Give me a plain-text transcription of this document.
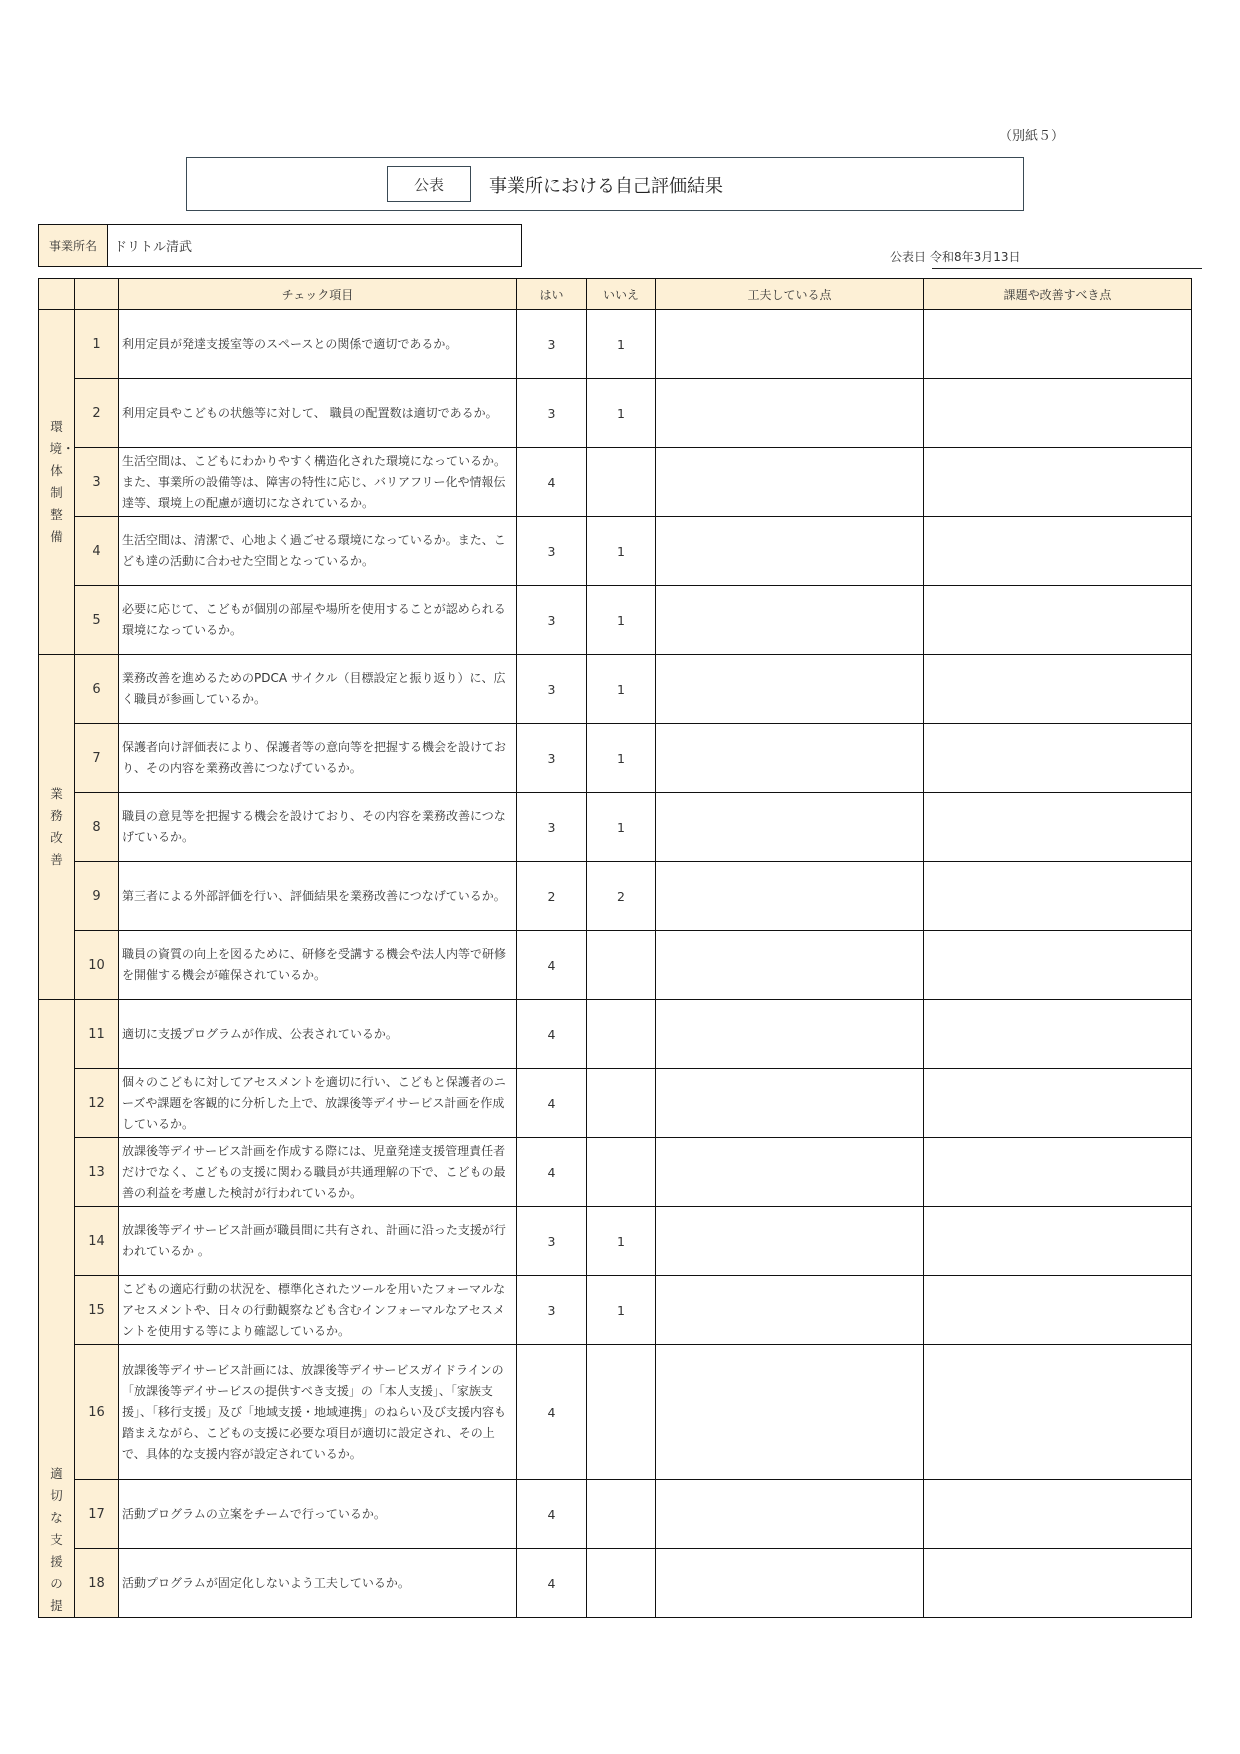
（別紙５）
公表	事業所における自己評価結果
事業所名	ドリトル清武
公表日 令和8年3月13日
		チェック項目	はい	いいえ	工夫している点	課題や改善すべき点
環境・体制整備	1	利用定員が発達支援室等のスペースとの関係で適切であるか。	3	1		
	2	利用定員やこどもの状態等に対して、 職員の配置数は適切であるか。	3	1		
	3	生活空間は、こどもにわかりやすく構造化された環境になっているか。また、事業所の設備等は、障害の特性に応じ、バリアフリー化や情報伝達等、環境上の配慮が適切になされているか。	4			
	4	生活空間は、清潔で、心地よく過ごせる環境になっているか。また、こども達の活動に合わせた空間となっているか。	3	1		
	5	必要に応じて、こどもが個別の部屋や場所を使用することが認められる環境になっているか。	3	1		
業務改善	6	業務改善を進めるためのPDCA サイクル（目標設定と振り返り）に、広く職員が参画しているか。	3	1		
	7	保護者向け評価表により、保護者等の意向等を把握する機会を設けており、その内容を業務改善につなげているか。	3	1		
	8	職員の意見等を把握する機会を設けており、その内容を業務改善につなげているか。	3	1		
	9	第三者による外部評価を行い、評価結果を業務改善につなげているか。	2	2		
	10	職員の資質の向上を図るために、研修を受講する機会や法人内等で研修を開催する機会が確保されているか。	4			
適切な支援の提	11	適切に支援プログラムが作成、公表されているか。	4			
	12	個々のこどもに対してアセスメントを適切に行い、こどもと保護者のニーズや課題を客観的に分析した上で、放課後等デイサービス計画を作成しているか。	4			
	13	放課後等デイサービス計画を作成する際には、児童発達支援管理責任者だけでなく、こどもの支援に関わる職員が共通理解の下で、こどもの最善の利益を考慮した検討が行われているか。	4			
	14	放課後等デイサービス計画が職員間に共有され、計画に沿った支援が行われているか 。	3	1		
	15	こどもの適応行動の状況を、標準化されたツールを用いたフォーマルなアセスメントや、日々の行動観察なども含むインフォーマルなアセスメントを使用する等により確認しているか。	3	1		
	16	放課後等デイサービス計画には、放課後等デイサービスガイドラインの「放課後等デイサービスの提供すべき支援」の「本人支援」、「家族支援」、「移行支援」及び「地域支援・地域連携」のねらい及び支援内容も踏まえながら、こどもの支援に必要な項目が適切に設定され、その上で、具体的な支援内容が設定されているか。	4			
	17	活動プログラムの立案をチームで行っているか。	4			
	18	活動プログラムが固定化しないよう工夫しているか。	4			
